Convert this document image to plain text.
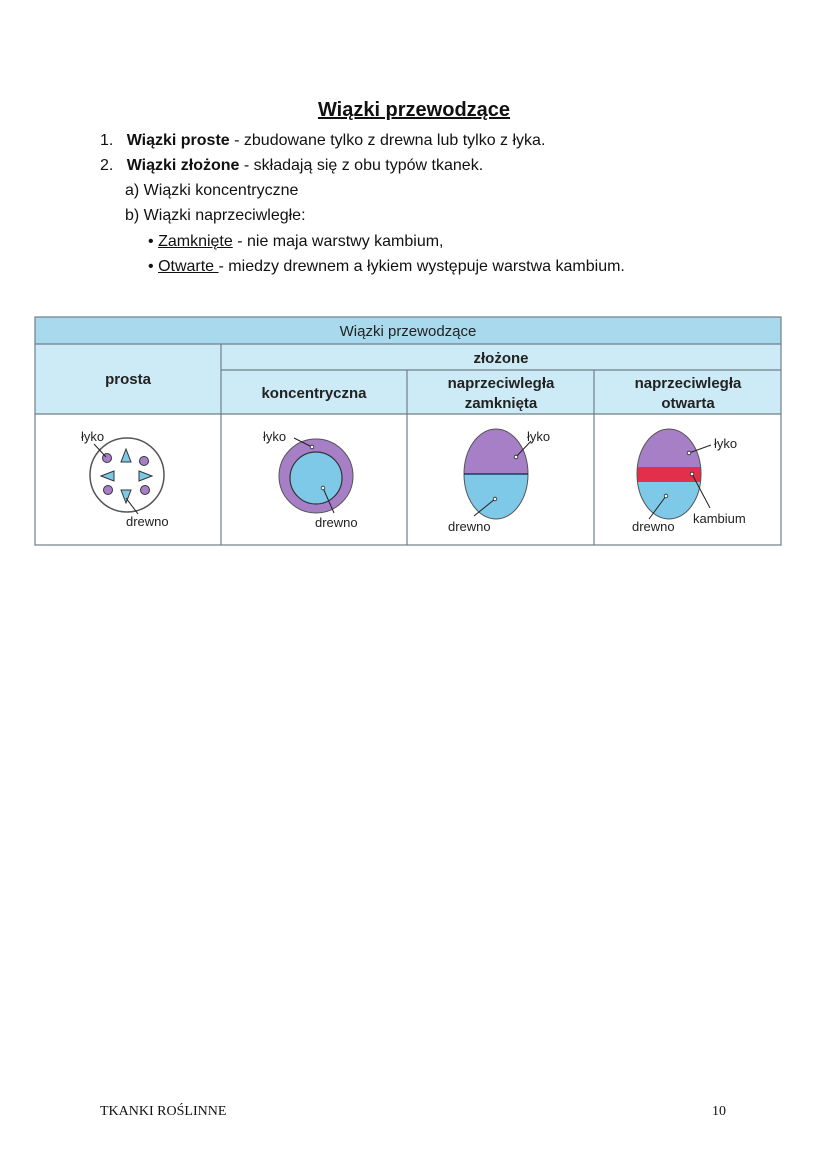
Wiązki przewodzące
1. Wiązki proste - zbudowane tylko z drewna lub tylko z łyka.
2. Wiązki złożone - składają się z obu typów tkanek.
a) Wiązki koncentryczne
b) Wiązki naprzeciwległe:
• Zamknięte - nie maja warstwy kambium,
• Otwarte - miedzy drewnem a łykiem występuje warstwa kambium.
Wiązki przewodzące
prosta
złożone
koncentryczna
naprzeciwległa
zamknięta
naprzeciwległa
otwarta
łyko
drewno
łyko
drewno
łyko
drewno
łyko
kambium
drewno
TKANKI ROŚLINNE	10
